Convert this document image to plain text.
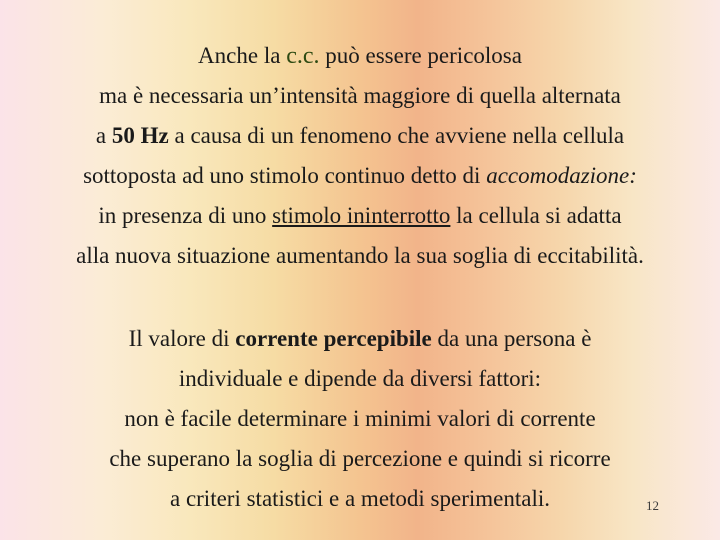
Anche la c.c. può essere pericolosa
ma è necessaria un’intensità maggiore di quella alternata
a 50 Hz a causa di un fenomeno che avviene nella cellula
sottoposta ad uno stimolo continuo detto di accomodazione:
in presenza di uno stimolo ininterrotto la cellula si adatta
alla nuova situazione aumentando la sua soglia di eccitabilità.
Il valore di corrente percepibile da una persona è
individuale e dipende da diversi fattori:
non è facile determinare i minimi valori di corrente
che superano la soglia di percezione e quindi si ricorre
a criteri statistici e a metodi sperimentali.	12
